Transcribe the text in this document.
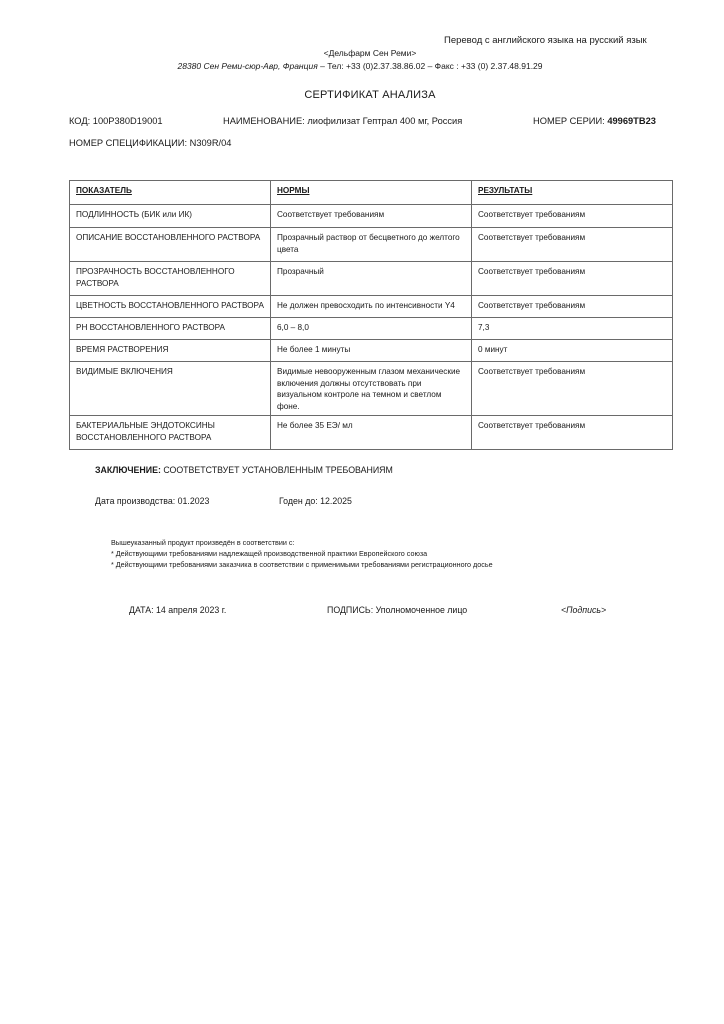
Перевод с английского языка на русский язык
<Дельфарм Сен Реми>
28380 Сен Реми-сюр-Авр, Франция – Тел: +33 (0)2.37.38.86.02 – Факс : +33 (0) 2.37.48.91.29
СЕРТИФИКАТ АНАЛИЗА
КОД: 100P380D19001	НАИМЕНОВАНИЕ: лиофилизат Гептрал 400 мг, Россия	НОМЕР СЕРИИ: 49969TB23
НОМЕР СПЕЦИФИКАЦИИ: N309R/04
ПОКАЗАТЕЛЬ	НОРМЫ	РЕЗУЛЬТАТЫ
ПОДЛИННОСТЬ (БИК или ИК)	Соответствует требованиям	Соответствует требованиям
ОПИСАНИЕ ВОССТАНОВЛЕННОГО РАСТВОРА	Прозрачный раствор от бесцветного до желтого цвета	Соответствует требованиям
ПРОЗРАЧНОСТЬ ВОССТАНОВЛЕННОГО РАСТВОРА	Прозрачный	Соответствует требованиям
ЦВЕТНОСТЬ ВОССТАНОВЛЕННОГО РАСТВОРА	Не должен превосходить по интенсивности Y4	Соответствует требованиям
PH ВОССТАНОВЛЕННОГО РАСТВОРА	6,0 – 8,0	7,3
ВРЕМЯ РАСТВОРЕНИЯ	Не более 1 минуты	0 минут
ВИДИМЫЕ ВКЛЮЧЕНИЯ	Видимые невооруженным глазом механические включения должны отсутствовать при визуальном контроле на темном и светлом фоне.	Соответствует требованиям
БАКТЕРИАЛЬНЫЕ ЭНДОТОКСИНЫ ВОССТАНОВЛЕННОГО РАСТВОРА	Не более 35 ЕЭ/ мл	Соответствует требованиям
ЗАКЛЮЧЕНИЕ: СООТВЕТСТВУЕТ УСТАНОВЛЕННЫМ ТРЕБОВАНИЯМ
Дата производства: 01.2023	Годен до: 12.2025
Вышеуказанный продукт произведён в соответствии с:
* Действующими требованиями надлежащей производственной практики Европейского союза
* Действующими требованиями заказчика в соответствии с применимыми требованиями регистрационного досье
ДАТА: 14 апреля 2023 г.	ПОДПИСЬ: Уполномоченное лицо	<Подпись>
